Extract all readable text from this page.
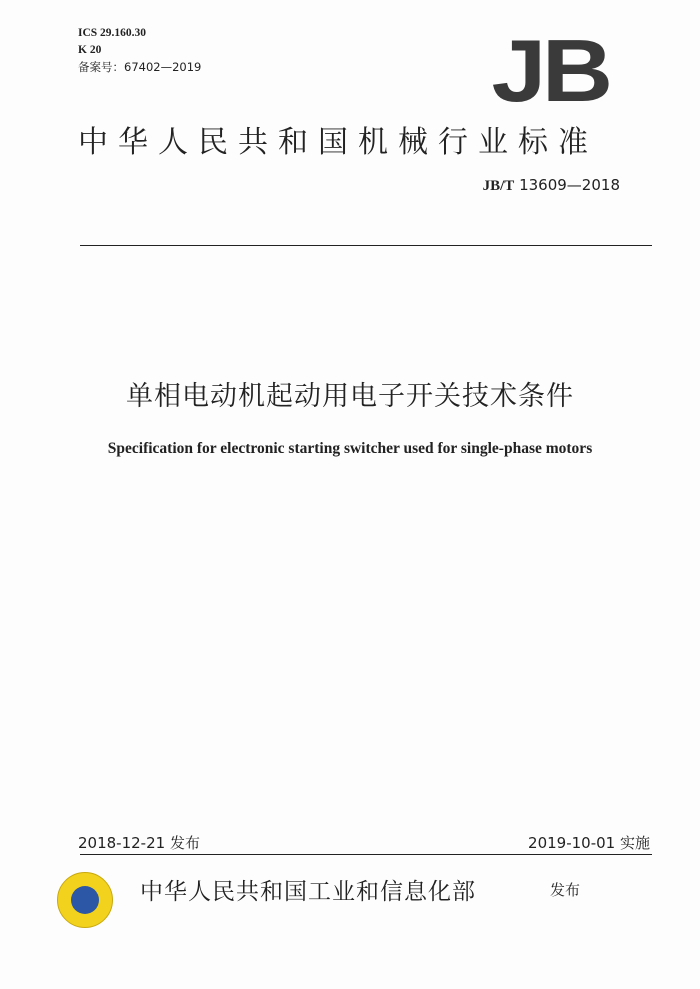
ICS 29.160.30
K 20
备案号：67402—2019	JB
中华人民共和国机械行业标准
JB/T 13609—2018
单相电动机起动用电子开关技术条件
Specification for electronic starting switcher used for single-phase motors
2018-12-21 发布	2019-10-01 实施
中华人民共和国工业和信息化部	发布
